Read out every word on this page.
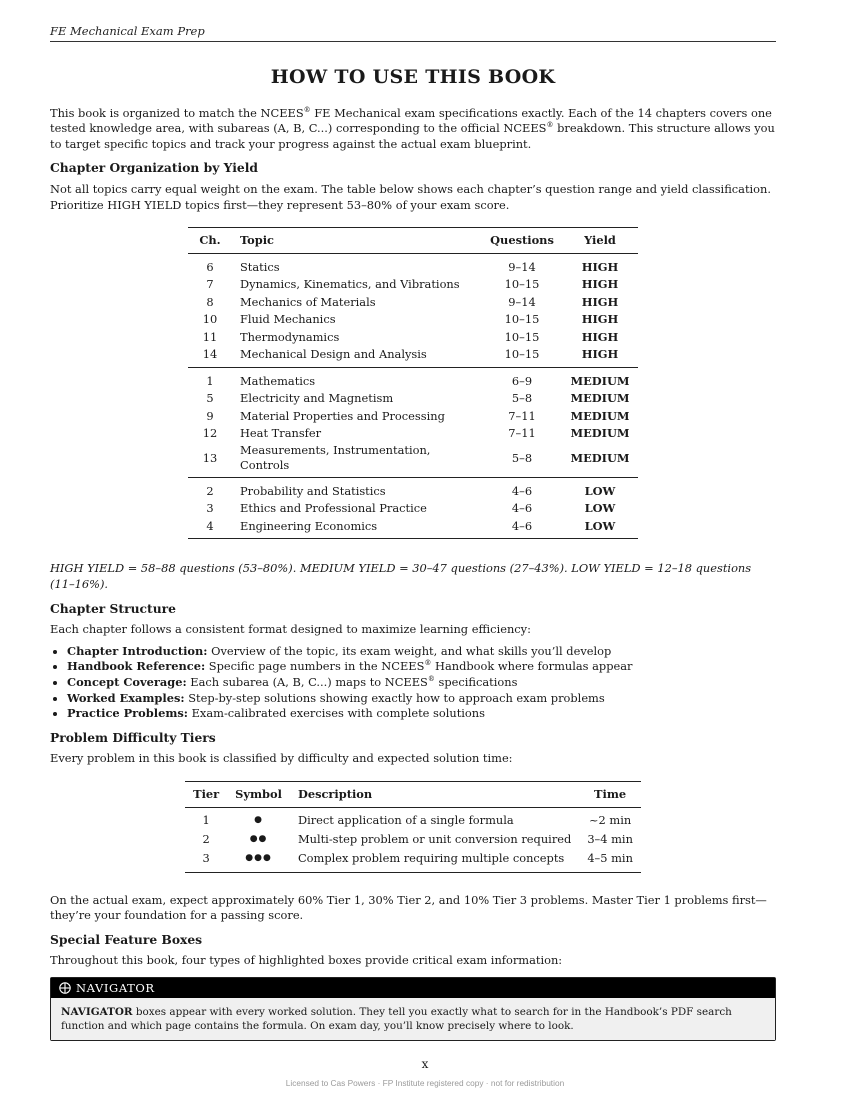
FE Mechanical Exam Prep
HOW TO USE THIS BOOK

This book is organized to match the NCEES® FE Mechanical exam specifications exactly. Each of the 14 chapters covers one tested knowledge area, with subareas (A, B, C...) corresponding to the official NCEES® breakdown. This structure allows you to target specific topics and track your progress against the actual exam blueprint.

Chapter Organization by Yield

Not all topics carry equal weight on the exam. The table below shows each chapter’s question range and yield classification. Prioritize HIGH YIELD topics first—they represent 53–80% of your exam score.

Ch.	Topic	Questions	Yield
6	Statics	9–14	HIGH
7	Dynamics, Kinematics, and Vibrations	10–15	HIGH
8	Mechanics of Materials	9–14	HIGH
10	Fluid Mechanics	10–15	HIGH
11	Thermodynamics	10–15	HIGH
14	Mechanical Design and Analysis	10–15	HIGH
1	Mathematics	6–9	MEDIUM
5	Electricity and Magnetism	5–8	MEDIUM
9	Material Properties and Processing	7–11	MEDIUM
12	Heat Transfer	7–11	MEDIUM
13	Measurements, Instrumentation, Controls	5–8	MEDIUM
2	Probability and Statistics	4–6	LOW
3	Ethics and Professional Practice	4–6	LOW
4	Engineering Economics	4–6	LOW

HIGH YIELD = 58–88 questions (53–80%). MEDIUM YIELD = 30–47 questions (27–43%). LOW YIELD = 12–18 questions (11–16%).

Chapter Structure

Each chapter follows a consistent format designed to maximize learning efficiency:

• Chapter Introduction: Overview of the topic, its exam weight, and what skills you’ll develop
• Handbook Reference: Specific page numbers in the NCEES® Handbook where formulas appear
• Concept Coverage: Each subarea (A, B, C...) maps to NCEES® specifications
• Worked Examples: Step-by-step solutions showing exactly how to approach exam problems
• Practice Problems: Exam-calibrated exercises with complete solutions
Problem Difficulty Tiers

Every problem in this book is classified by difficulty and expected solution time:

Tier	Symbol	Description	Time
1	●	Direct application of a single formula	~2 min
2	●●	Multi-step problem or unit conversion required	3–4 min
3	●●●	Complex problem requiring multiple concepts	4–5 min

On the actual exam, expect approximately 60% Tier 1, 30% Tier 2, and 10% Tier 3 problems. Master Tier 1 problems first—they’re your foundation for a passing score.

Special Feature Boxes

Throughout this book, four types of highlighted boxes provide critical exam information:

NAVIGATOR
NAVIGATOR boxes appear with every worked solution. They tell you exactly what to search for in the Handbook’s PDF search function and which page contains the formula. On exam day, you’ll know precisely where to look.
x
Licensed to Cas Powers · FP Institute registered copy · not for redistribution
